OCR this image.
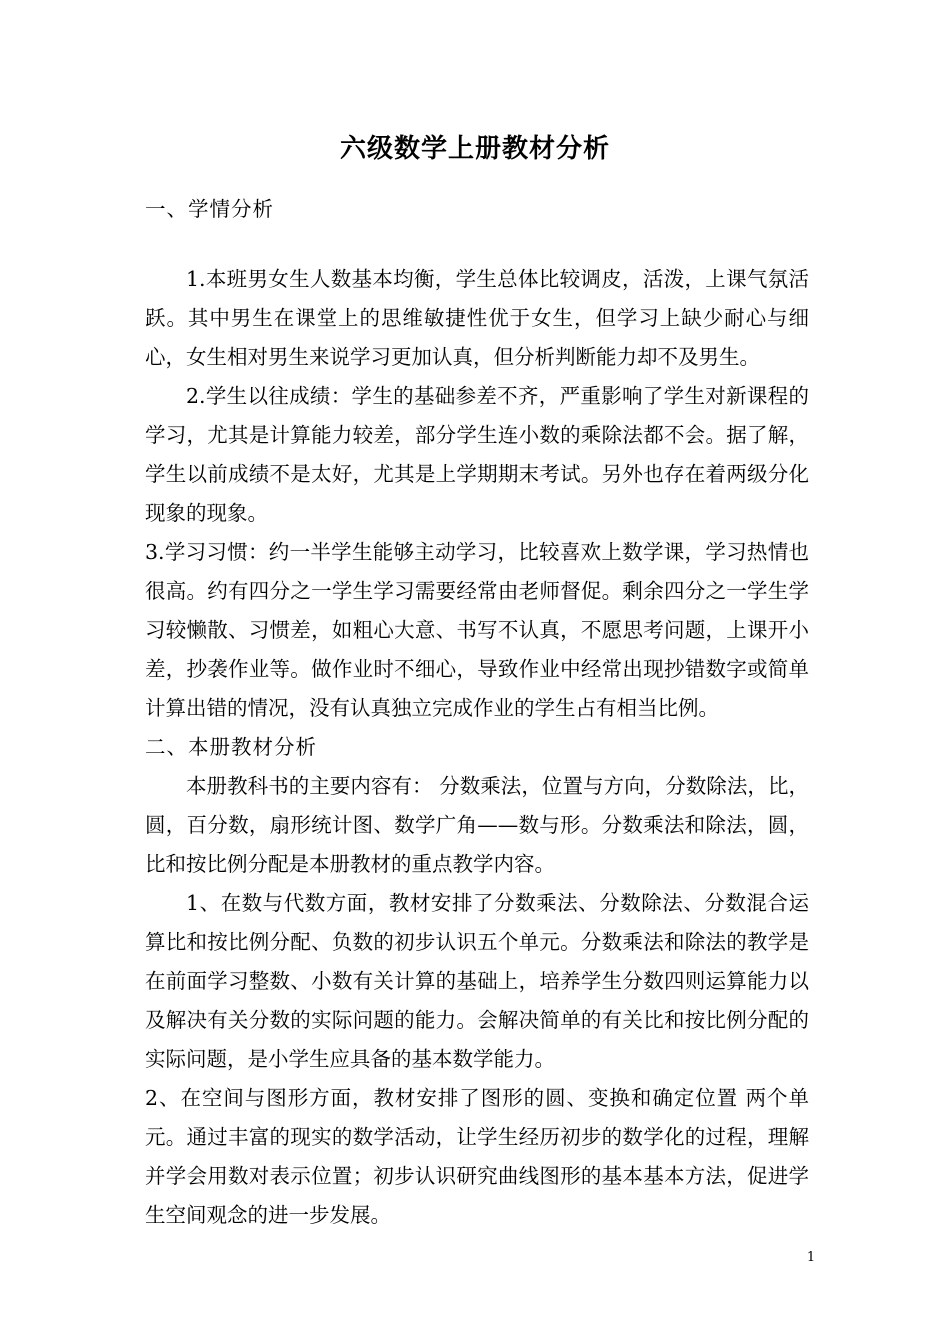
六级数学上册教材分析

一、学情分析

1.本班男女生人数基本均衡，学生总体比较调皮，活泼，上课气氛活跃。其中男生在课堂上的思维敏捷性优于女生，但学习上缺少耐心与细心，女生相对男生来说学习更加认真，但分析判断能力却不及男生。

2.学生以往成绩：学生的基础参差不齐，严重影响了学生对新课程的学习，尤其是计算能力较差，部分学生连小数的乘除法都不会。据了解，学生以前成绩不是太好，尤其是上学期期末考试。另外也存在着两级分化现象的现象。

3.学习习惯：约一半学生能够主动学习，比较喜欢上数学课，学习热情也很高。约有四分之一学生学习需要经常由老师督促。剩余四分之一学生学习较懒散、习惯差，如粗心大意、书写不认真，不愿思考问题，上课开小差，抄袭作业等。做作业时不细心，导致作业中经常出现抄错数字或简单计算出错的情况，没有认真独立完成作业的学生占有相当比例。

二、本册教材分析

本册教科书的主要内容有： 分数乘法，位置与方向，分数除法，比，圆，百分数，扇形统计图、数学广角——数与形。分数乘法和除法，圆，比和按比例分配是本册教材的重点教学内容。

1、在数与代数方面，教材安排了分数乘法、分数除法、分数混合运算比和按比例分配、负数的初步认识五个单元。分数乘法和除法的教学是在前面学习整数、小数有关计算的基础上，培养学生分数四则运算能力以及解决有关分数的实际问题的能力。会解决简单的有关比和按比例分配的实际问题，是小学生应具备的基本数学能力。

2、在空间与图形方面，教材安排了图形的圆、变换和确定位置 两个单元。通过丰富的现实的数学活动，让学生经历初步的数学化的过程，理解并学会用数对表示位置；初步认识研究曲线图形的基本基本方法，促进学生空间观念的进一步发展。

1
